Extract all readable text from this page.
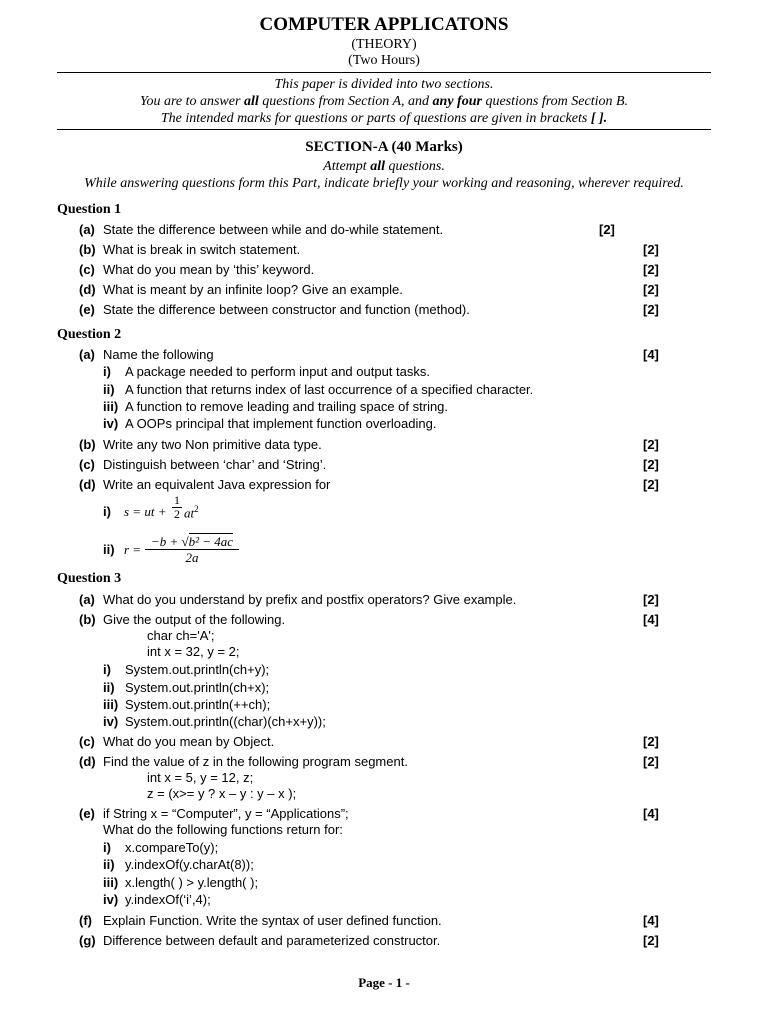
COMPUTER APPLICATONS
(THEORY)
(Two Hours)
This paper is divided into two sections.
You are to answer all questions from Section A, and any four questions from Section B.
The intended marks for questions or parts of questions are given in brackets [ ].
SECTION-A (40 Marks)
Attempt all questions.
While answering questions form this Part, indicate briefly your working and reasoning, wherever required.
Question 1
(a) State the difference between while and do-while statement.	[2]
(b) What is break in switch statement.	[2]
(c) What do you mean by ‘this’ keyword.	[2]
(d) What is meant by an infinite loop? Give an example.	[2]
(e) State the difference between constructor and function (method).	[2]
Question 2
(a) Name the following	[4]
i) A package needed to perform input and output tasks.
ii) A function that returns index of last occurrence of a specified character.
iii) A function to remove leading and trailing space of string.
iv) A OOPs principal that implement function overloading.
(b) Write any two Non primitive data type.	[2]
(c) Distinguish between ‘char’ and ‘String’.	[2]
(d) Write an equivalent Java expression for	[2]
i) s = ut +
1
2 $at^2$
ii) r =
−b + √b² − 4ac
2a
Question 3
(a) What do you understand by prefix and postfix operators? Give example.	[2]
(b) Give the output of the following.	[4]
char ch='A';
int x = 32, y = 2;
i) System.out.println(ch+y);
ii) System.out.println(ch+x);
iii) System.out.println(++ch);
iv) System.out.println((char)(ch+x+y));
(c) What do you mean by Object.	[2]
(d) Find the value of z in the following program segment.	[2]
int x = 5, y = 12, z;
z = (x>= y ? x – y : y – x );
(e) if String x = “Computer”, y = “Applications”;	[4]
What do the following functions return for:
i) x.compareTo(y);
ii) y.indexOf(y.charAt(8));
iii) x.length( ) > y.length( );
iv) y.indexOf(‘i’,4);
(f) Explain Function. Write the syntax of user defined function.	[4]
(g) Difference between default and parameterized constructor.	[2]
Page - 1 -
